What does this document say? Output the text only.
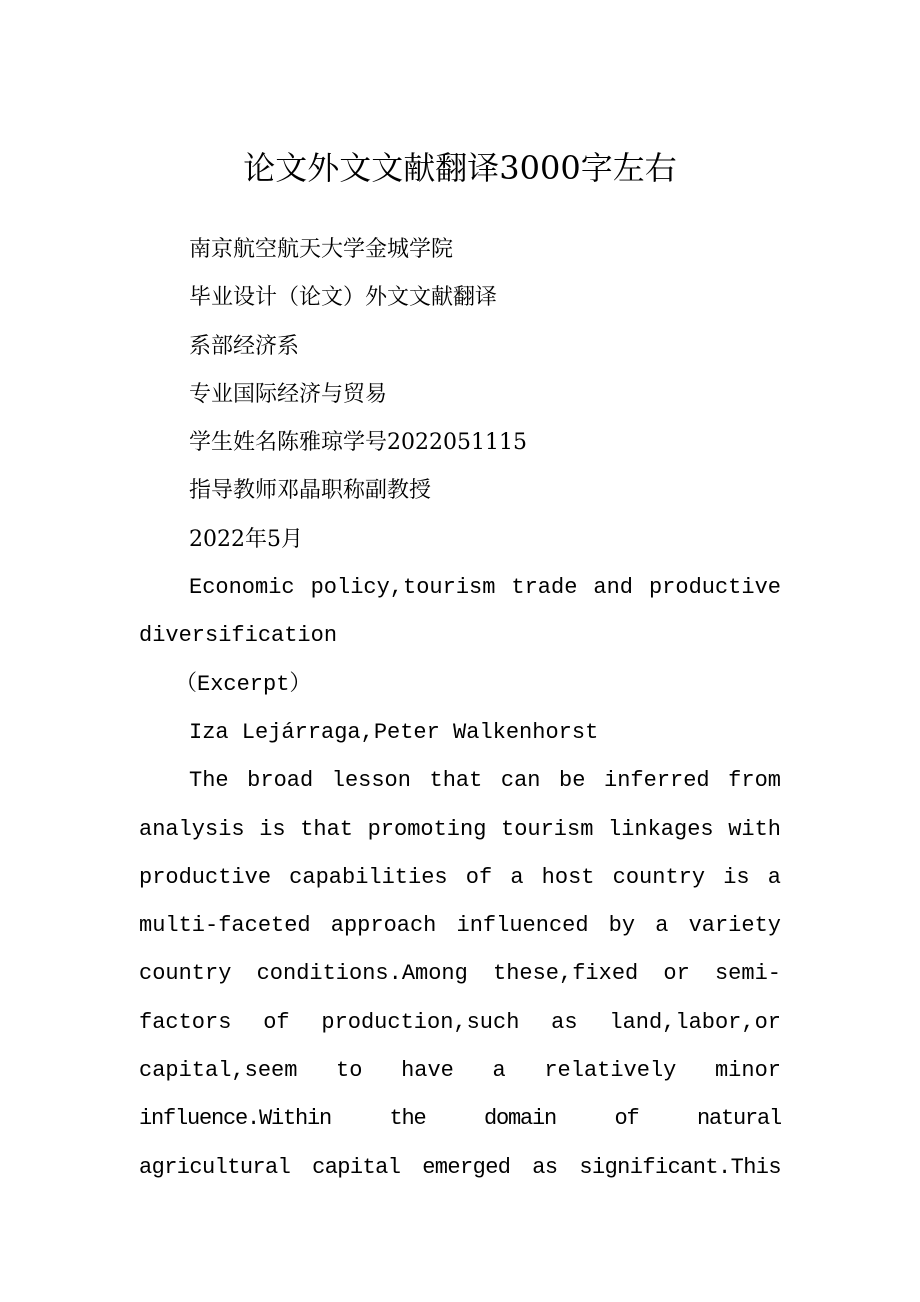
论文外文文献翻译3000字左右
南京航空航天大学金城学院
毕业设计（论文）外文文献翻译
系部经济系
专业国际经济与贸易
学生姓名陈雅琼学号2022051115
指导教师邓晶职称副教授
2022年5月
Economic policy,tourism trade and productive
diversification
（Excerpt）
Iza Lejárraga,Peter Walkenhorst
The broad lesson that can be inferred from
analysis is that promoting tourism linkages with
productive capabilities of a host country is a
multi-faceted approach influenced by a variety
country conditions.Among these,fixed or semi-
factors of production,such as land,labor,or
capital,seem to have a relatively minor
influence.Within the domain of natural
agricultural capital emerged as significant.This
